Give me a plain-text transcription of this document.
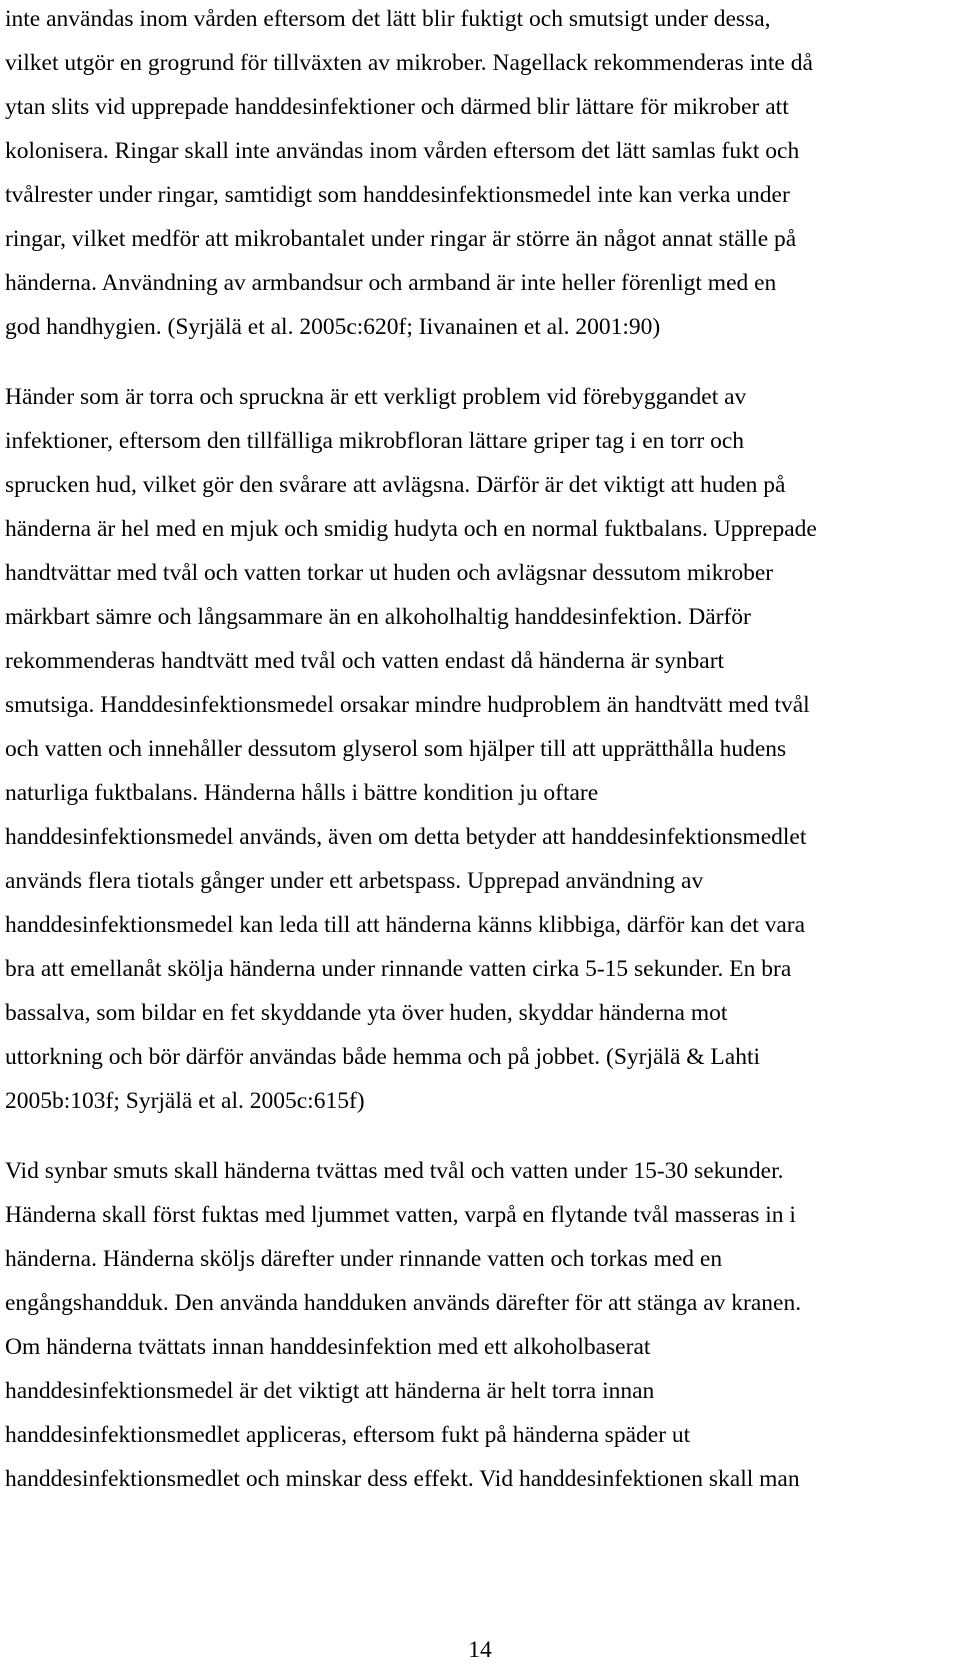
inte användas inom vården eftersom det lätt blir fuktigt och smutsigt under dessa,
vilket utgör en grogrund för tillväxten av mikrober. Nagellack rekommenderas inte då
ytan slits vid upprepade handdesinfektioner och därmed blir lättare för mikrober att
kolonisera. Ringar skall inte användas inom vården eftersom det lätt samlas fukt och
tvålrester under ringar, samtidigt som handdesinfektionsmedel inte kan verka under
ringar, vilket medför att mikrobantalet under ringar är större än något annat ställe på
händerna. Användning av armbandsur och armband är inte heller förenligt med en
god handhygien. (Syrjälä et al. 2005c:620f; Iivanainen et al. 2001:90)
Händer som är torra och spruckna är ett verkligt problem vid förebyggandet av
infektioner, eftersom den tillfälliga mikrobfloran lättare griper tag i en torr och
sprucken hud, vilket gör den svårare att avlägsna. Därför är det viktigt att huden på
händerna är hel med en mjuk och smidig hudyta och en normal fuktbalans. Upprepade
handtvättar med tvål och vatten torkar ut huden och avlägsnar dessutom mikrober
märkbart sämre och långsammare än en alkoholhaltig handdesinfektion. Därför
rekommenderas handtvätt med tvål och vatten endast då händerna är synbart
smutsiga. Handdesinfektionsmedel orsakar mindre hudproblem än handtvätt med tvål
och vatten och innehåller dessutom glyserol som hjälper till att upprätthålla hudens
naturliga fuktbalans. Händerna hålls i bättre kondition ju oftare
handdesinfektionsmedel används, även om detta betyder att handdesinfektionsmedlet
används flera tiotals gånger under ett arbetspass. Upprepad användning av
handdesinfektionsmedel kan leda till att händerna känns klibbiga, därför kan det vara
bra att emellanåt skölja händerna under rinnande vatten cirka 5-15 sekunder. En bra
bassalva, som bildar en fet skyddande yta över huden, skyddar händerna mot
uttorkning och bör därför användas både hemma och på jobbet. (Syrjälä & Lahti
2005b:103f; Syrjälä et al. 2005c:615f)
Vid synbar smuts skall händerna tvättas med tvål och vatten under 15-30 sekunder.
Händerna skall först fuktas med ljummet vatten, varpå en flytande tvål masseras in i
händerna. Händerna sköljs därefter under rinnande vatten och torkas med en
engångshandduk. Den använda handduken används därefter för att stänga av kranen.
Om händerna tvättats innan handdesinfektion med ett alkoholbaserat
handdesinfektionsmedel är det viktigt att händerna är helt torra innan
handdesinfektionsmedlet appliceras, eftersom fukt på händerna späder ut
handdesinfektionsmedlet och minskar dess effekt. Vid handdesinfektionen skall man
14
